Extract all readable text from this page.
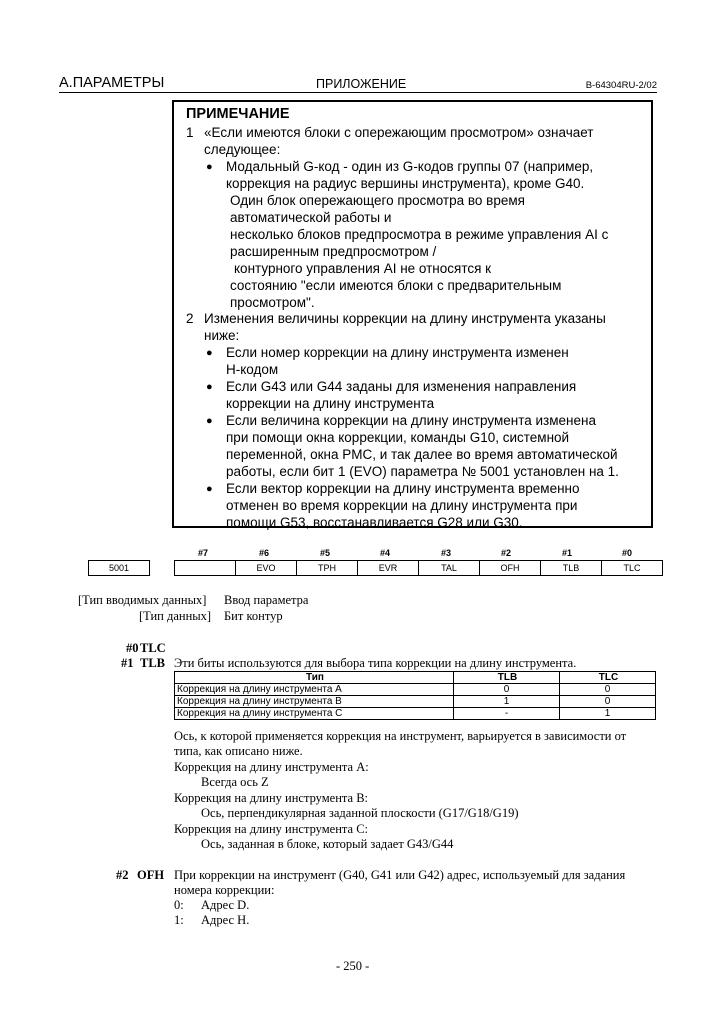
А.ПАРАМЕТРЫ	ПРИЛОЖЕНИЕ	B-64304RU-2/02
ПРИМЕЧАНИЕ
1 «Если имеются блоки с опережающим просмотром» означает
следующее:
● Модальный G-код - один из G-кодов группы 07 (например,
коррекция на радиус вершины инструмента), кроме G40.
Один блок опережающего просмотра во время
автоматической работы и
несколько блоков предпросмотра в режиме управления AI с
расширенным предпросмотром /
контурного управления AI не относятся к
состоянию "если имеются блоки с предварительным
просмотром".
2 Изменения величины коррекции на длину инструмента указаны
ниже:
● Если номер коррекции на длину инструмента изменен
H-кодом
● Если G43 или G44 заданы для изменения направления
коррекции на длину инструмента
● Если величина коррекции на длину инструмента изменена
при помощи окна коррекции, команды G10, системной
переменной, окна PMC, и так далее во время автоматической
работы, если бит 1 (EVO) параметра № 5001 установлен на 1.
● Если вектор коррекции на длину инструмента временно
отменен во время коррекции на длину инструмента при
помощи G53, восстанавливается G28 или G30.
#7	#6	#5	#4	#3	#2	#1	#0
5001			EVO	TPH	EVR	TAL	OFH	TLB	TLC
[Тип вводимых данных] Ввод параметра
[Тип данных] Бит контур
#0 TLC
#1 TLB Эти биты используются для выбора типа коррекции на длину инструмента.
Тип	TLB	TLC
Коррекция на длину инструмента A	0	0
Коррекция на длину инструмента B	1	0
Коррекция на длину инструмента C	-	1
Ось, к которой применяется коррекция на инструмент, варьируется в зависимости от
типа, как описано ниже.
Коррекция на длину инструмента A:
Всегда ось Z
Коррекция на длину инструмента B:
Ось, перпендикулярная заданной плоскости (G17/G18/G19)
Коррекция на длину инструмента C:
Ось, заданная в блоке, который задает G43/G44
#2 OFH При коррекции на инструмент (G40, G41 или G42) адрес, используемый для задания
номера коррекции:
0: Адрес D.
1: Адрес H.
- 250 -
